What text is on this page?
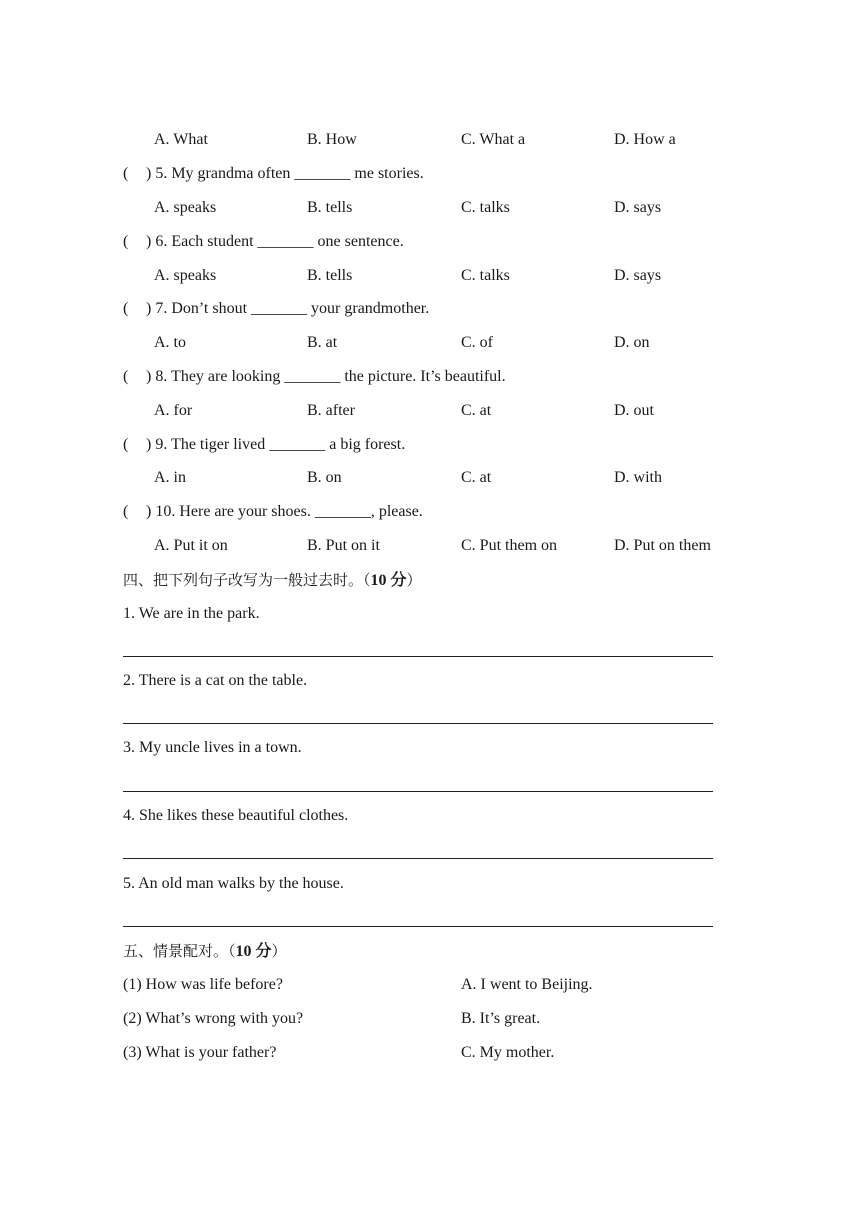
A. What	B. How	C. What a	D. How a
( ) 5. My grandma often _______ me stories.
A. speaks	B. tells	C. talks	D. says
( ) 6. Each student _______ one sentence.
A. speaks	B. tells	C. talks	D. says
( ) 7. Don’t shout _______ your grandmother.
A. to	B. at	C. of	D. on
( ) 8. They are looking _______ the picture. It’s beautiful.
A. for	B. after	C. at	D. out
( ) 9. The tiger lived _______ a big forest.
A. in	B. on	C. at	D. with
( ) 10. Here are your shoes. _______, please.
A. Put it on	B. Put on it	C. Put them on	D. Put on them
四、把下列句子改写为一般过去时。（10 分）
1. We are in the park.
2. There is a cat on the table.
3. My uncle lives in a town.
4. She likes these beautiful clothes.
5. An old man walks by the house.
五、情景配对。（10 分）
(1) How was life before?	A. I went to Beijing.
(2) What’s wrong with you?	B. It’s great.
(3) What is your father?	C. My mother.
